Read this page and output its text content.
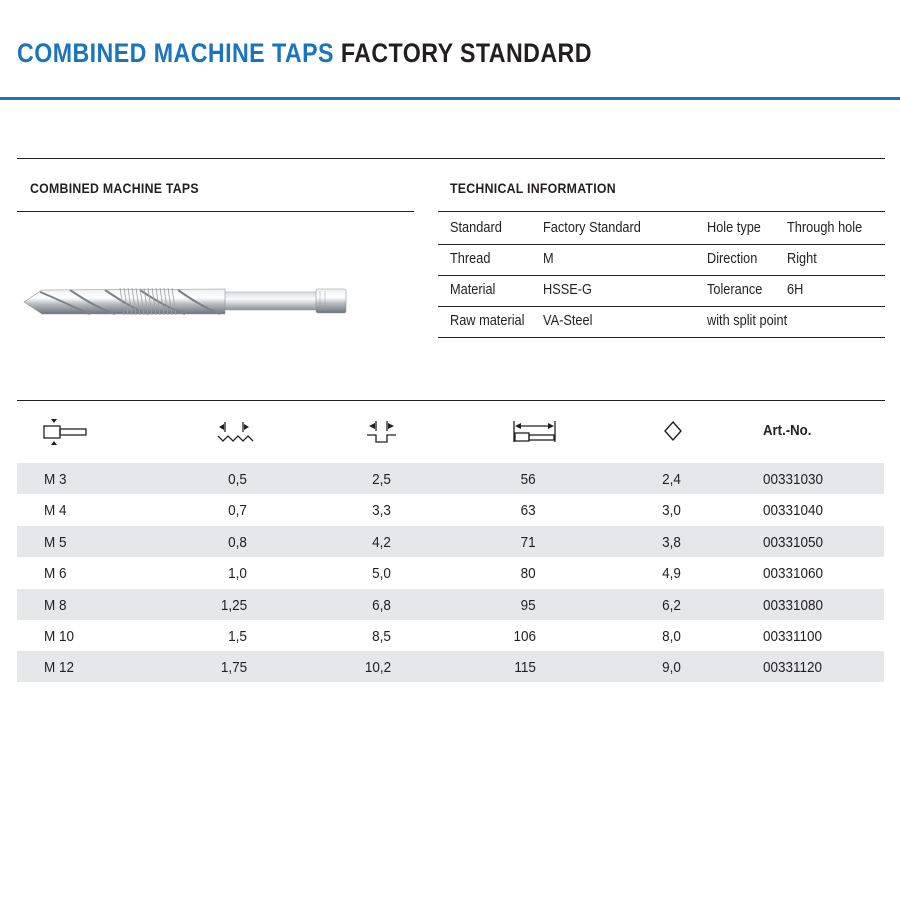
COMBINED MACHINE TAPS FACTORY STANDARD
COMBINED MACHINE TAPS	TECHNICAL INFORMATION
Standard	Factory Standard	Hole type Through hole
Thread	M	Direction Right
Material	HSSE-G	Tolerance 6H
Raw material VA-Steel	with split point
Art.-No.
M 3	0,5	2,5	56	2,4	00331030
M 4	0,7	3,3	63	3,0	00331040
M 5	0,8	4,2	71	3,8	00331050
M 6	1,0	5,0	80	4,9	00331060
M 8	1,25	6,8	95	6,2	00331080
M 10	1,5	8,5	106	8,0	00331100
M 12	1,75	10,2	115	9,0	00331120
